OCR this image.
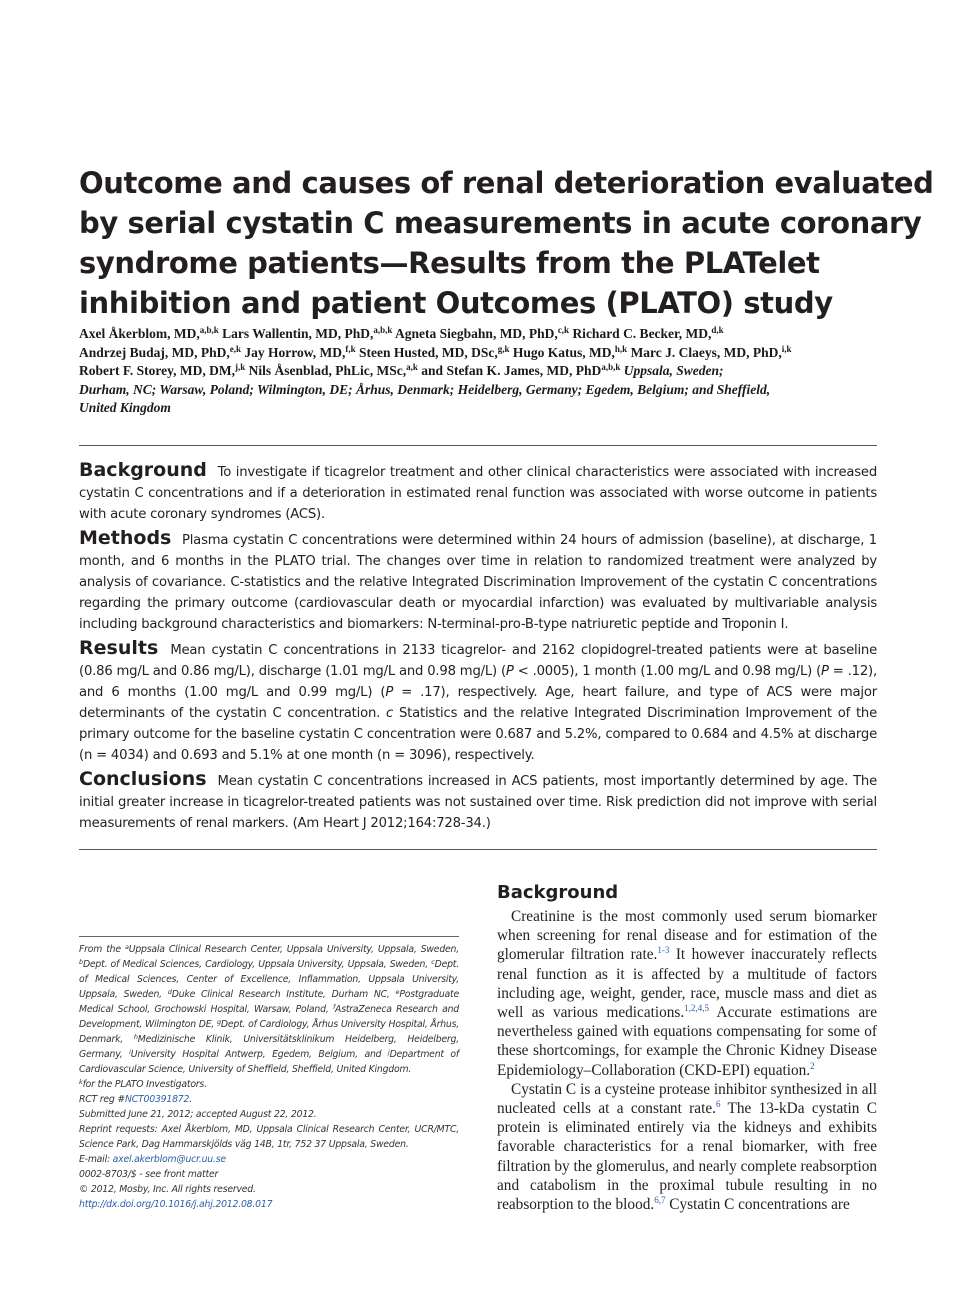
Outcome and causes of renal deterioration evaluated
by serial cystatin C measurements in acute coronary
syndrome patients—Results from the PLATelet
inhibition and patient Outcomes (PLATO) study
Axel Åkerblom, MD,$^{a,b,k}$ Lars Wallentin, MD, PhD,$^{a,b,k}$ Agneta Siegbahn, MD, PhD,$^{c,k}$ Richard C. Becker, MD,$^{d,k}$
Andrzej Budaj, MD, PhD,$^{e,k}$ Jay Horrow, MD,$^{f,k}$ Steen Husted, MD, DSc,$^{g,k}$ Hugo Katus, MD,$^{h,k}$ Marc J. Claeys, MD, PhD,$^{i,k}$
Robert F. Storey, MD, DM,$^{j,k}$ Nils Åsenblad, PhLic, MSc,$^{a,k}$ and Stefan K. James, MD, PhD$^{a,b,k}$ Uppsala, Sweden;
Durham, NC; Warsaw, Poland; Wilmington, DE; Århus, Denmark; Heidelberg, Germany; Egedem, Belgium; and Sheffield,
United Kingdom

Background To investigate if ticagrelor treatment and other clinical characteristics were associated with increased cystatin C concentrations and if a deterioration in estimated renal function was associated with worse outcome in patients with acute coronary syndromes (ACS).

Methods Plasma cystatin C concentrations were determined within 24 hours of admission (baseline), at discharge, 1 month, and 6 months in the PLATO trial. The changes over time in relation to randomized treatment were analyzed by analysis of covariance. C-statistics and the relative Integrated Discrimination Improvement of the cystatin C concentrations regarding the primary outcome (cardiovascular death or myocardial infarction) was evaluated by multivariable analysis including background characteristics and biomarkers: N-terminal-pro-B-type natriuretic peptide and Troponin I.

Results Mean cystatin C concentrations in 2133 ticagrelor- and 2162 clopidogrel-treated patients were at baseline (0.86 mg/L and 0.86 mg/L), discharge (1.01 mg/L and 0.98 mg/L) (P < .0005), 1 month (1.00 mg/L and 0.98 mg/L) (P = .12), and 6 months (1.00 mg/L and 0.99 mg/L) (P = .17), respectively. Age, heart failure, and type of ACS were major determinants of the cystatin C concentration. c Statistics and the relative Integrated Discrimination Improvement of the primary outcome for the baseline cystatin C concentration were 0.687 and 5.2%, compared to 0.684 and 4.5% at discharge (n = 4034) and 0.693 and 5.1% at one month (n = 3096), respectively.

Conclusions Mean cystatin C concentrations increased in ACS patients, most importantly determined by age. The initial greater increase in ticagrelor-treated patients was not sustained over time. Risk prediction did not improve with serial measurements of renal markers. (Am Heart J 2012;164:728-34.)

From the $^a$Uppsala Clinical Research Center, Uppsala University, Uppsala, Sweden, $^b$Dept. of Medical Sciences, Cardiology, Uppsala University, Uppsala, Sweden, $^c$Dept. of Medical Sciences, Center of Excellence, Inflammation, Uppsala University, Uppsala, Sweden, $^d$Duke Clinical Research Institute, Durham NC, $^e$Postgraduate Medical School, Grochowski Hospital, Warsaw, Poland, $^f$AstraZeneca Research and Development, Wilmington DE, $^g$Dept. of Cardiology, Århus University Hospital, Århus, Denmark, $^h$Medizinische Klinik, Universitätsklinikum Heidelberg, Heidelberg, Germany, $^i$University Hospital Antwerp, Egedem, Belgium, and $^j$Department of Cardiovascular Science, University of Sheffield, Sheffield, United Kingdom.

$^k$for the PLATO Investigators.

RCT reg #NCT00391872.

Submitted June 21, 2012; accepted August 22, 2012.

Reprint requests: Axel Åkerblom, MD, Uppsala Clinical Research Center, UCR/MTC, Science Park, Dag Hammarskjölds väg 14B, 1tr, 752 37 Uppsala, Sweden.

E-mail: axel.akerblom@ucr.uu.se

0002-8703/$ - see front matter

© 2012, Mosby, Inc. All rights reserved.

http://dx.doi.org/10.1016/j.ahj.2012.08.017

Background

Creatinine is the most commonly used serum biomarker when screening for renal disease and for estimation of the glomerular filtration rate.$^{1-3}$ It however inaccurately reflects renal function as it is affected by a multitude of factors including age, weight, gender, race, muscle mass and diet as well as various medications.$^{1,2,4,5}$ Accurate estimations are nevertheless gained with equations compensating for some of these shortcomings, for example the Chronic Kidney Disease Epidemiology–Collaboration (CKD-EPI) equation.$^2$

Cystatin C is a cysteine protease inhibitor synthesized in all nucleated cells at a constant rate.$^6$ The 13-kDa cystatin C protein is eliminated entirely via the kidneys and exhibits favorable characteristics for a renal biomarker, with free filtration by the glomerulus, and nearly complete reabsorption and catabolism in the proximal tubule resulting in no reabsorption to the blood.$^{6,7}$ Cystatin C concentrations are
